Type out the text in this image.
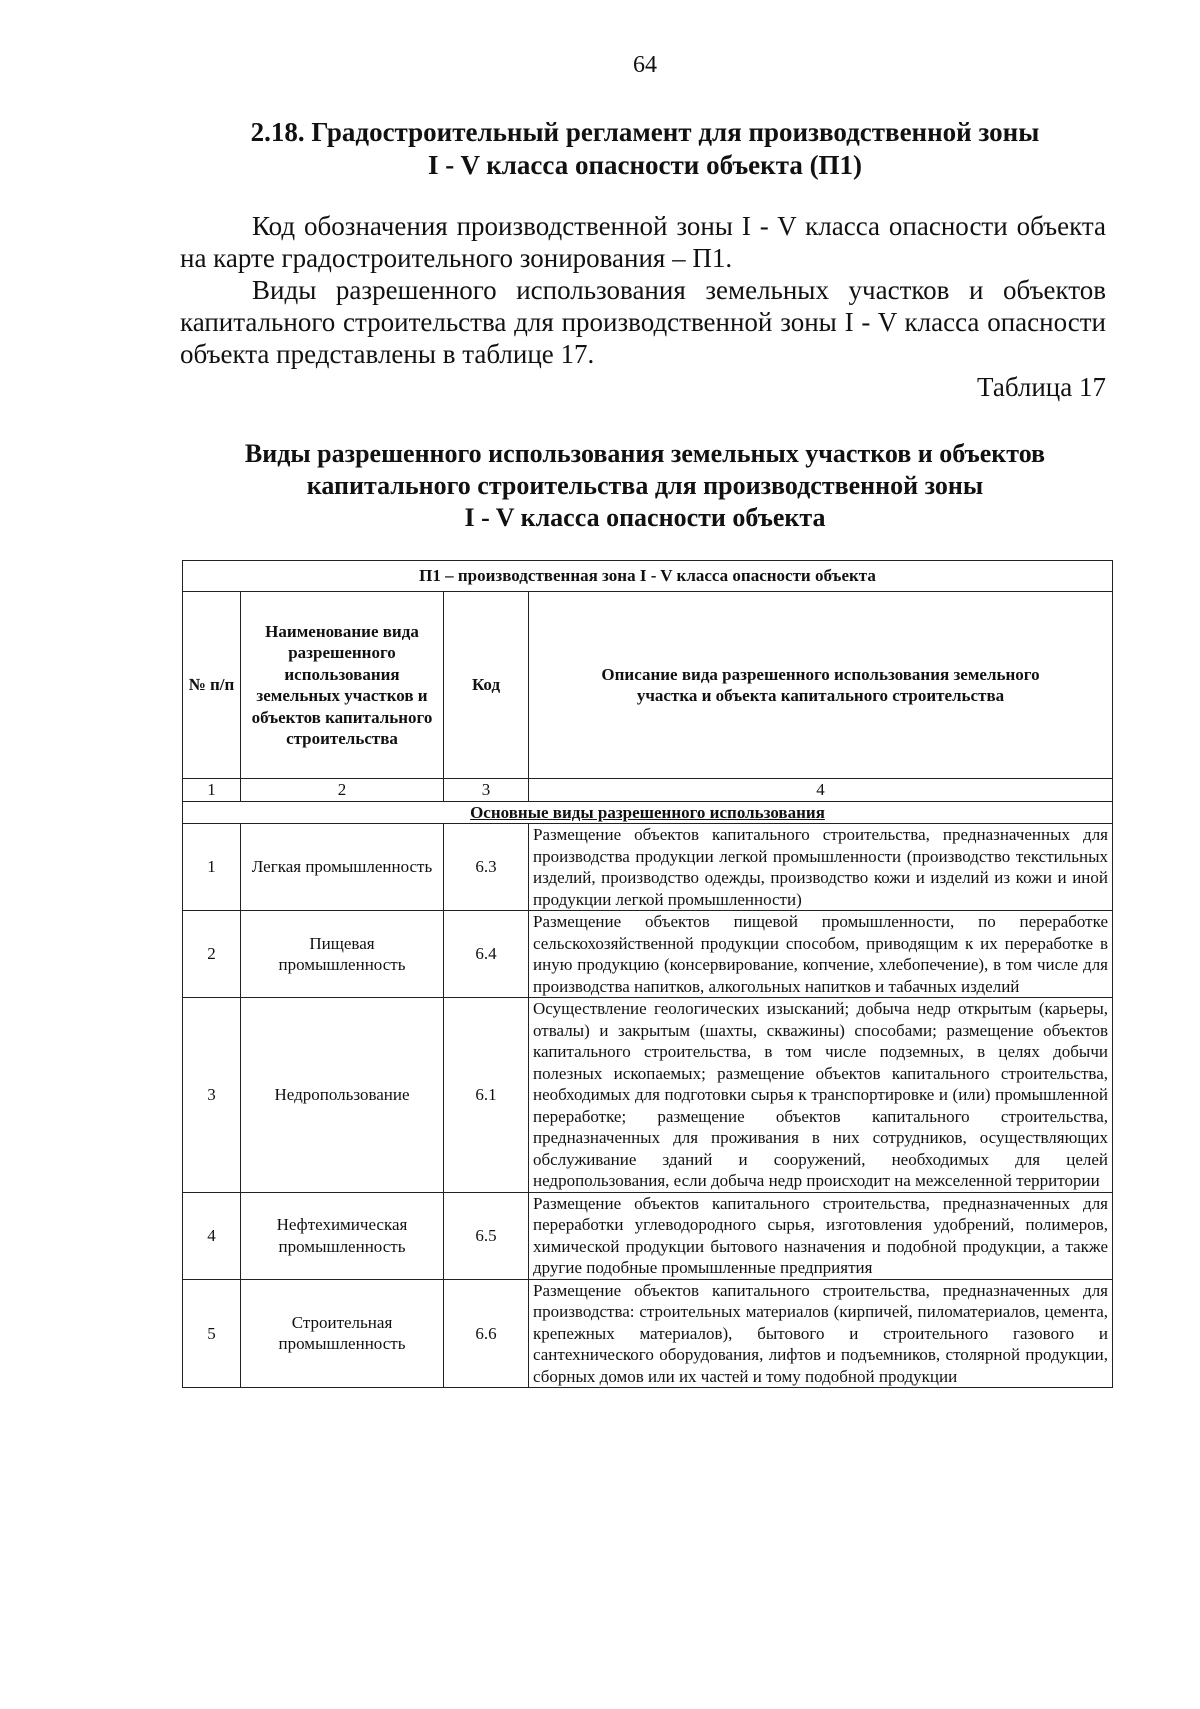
64
2.18. Градостроительный регламент для производственной зоны
I - V класса опасности объекта (П1)

Код обозначения производственной зоны I - V класса опасности объекта на карте градостроительного зонирования – П1.

Виды разрешенного использования земельных участков и объектов капитального строительства для производственной зоны I - V класса опасности объекта представлены в таблице 17.

Таблица 17
Виды разрешенного использования земельных участков и объектов
капитального строительства для производственной зоны
I - V класса опасности объекта
П1 – производственная зона I - V класса опасности объекта			
№ п/п	Наименование вида разрешенного использования земельных участков и объектов капитального строительства	Код	Описание вида разрешенного использования земельного участка и объекта капитального строительства
1	2	3	4
Основные виды разрешенного использования			
1	Легкая промышленность	6.3	Размещение объектов капитального строительства, предназначенных для производства продукции легкой промышленности (производство текстильных изделий, производство одежды, производство кожи и изделий из кожи и иной продукции легкой промышленности)
2	Пищевая промышленность	6.4	Размещение объектов пищевой промышленности, по переработке сельскохозяйственной продукции способом, приводящим к их переработке в иную продукцию (консервирование, копчение, хлебопечение), в том числе для производства напитков, алкогольных напитков и табачных изделий
3	Недропользование	6.1	Осуществление геологических изысканий; добыча недр открытым (карьеры, отвалы) и закрытым (шахты, скважины) способами; размещение объектов капитального строительства, в том числе подземных, в целях добычи полезных ископаемых; размещение объектов капитального строительства, необходимых для подготовки сырья к транспортировке и (или) промышленной переработке; размещение объектов капитального строительства, предназначенных для проживания в них сотрудников, осуществляющих обслуживание зданий и сооружений, необходимых для целей недропользования, если добыча недр происходит на межселенной территории
4	Нефтехимическая промышленность	6.5	Размещение объектов капитального строительства, предназначенных для переработки углеводородного сырья, изготовления удобрений, полимеров, химической продукции бытового назначения и подобной продукции, а также другие подобные промышленные предприятия
5	Строительная промышленность	6.6	Размещение объектов капитального строительства, предназначенных для производства: строительных материалов (кирпичей, пиломатериалов, цемента, крепежных материалов), бытового и строительного газового и сантехнического оборудования, лифтов и подъемников, столярной продукции, сборных домов или их частей и тому подобной продукции
